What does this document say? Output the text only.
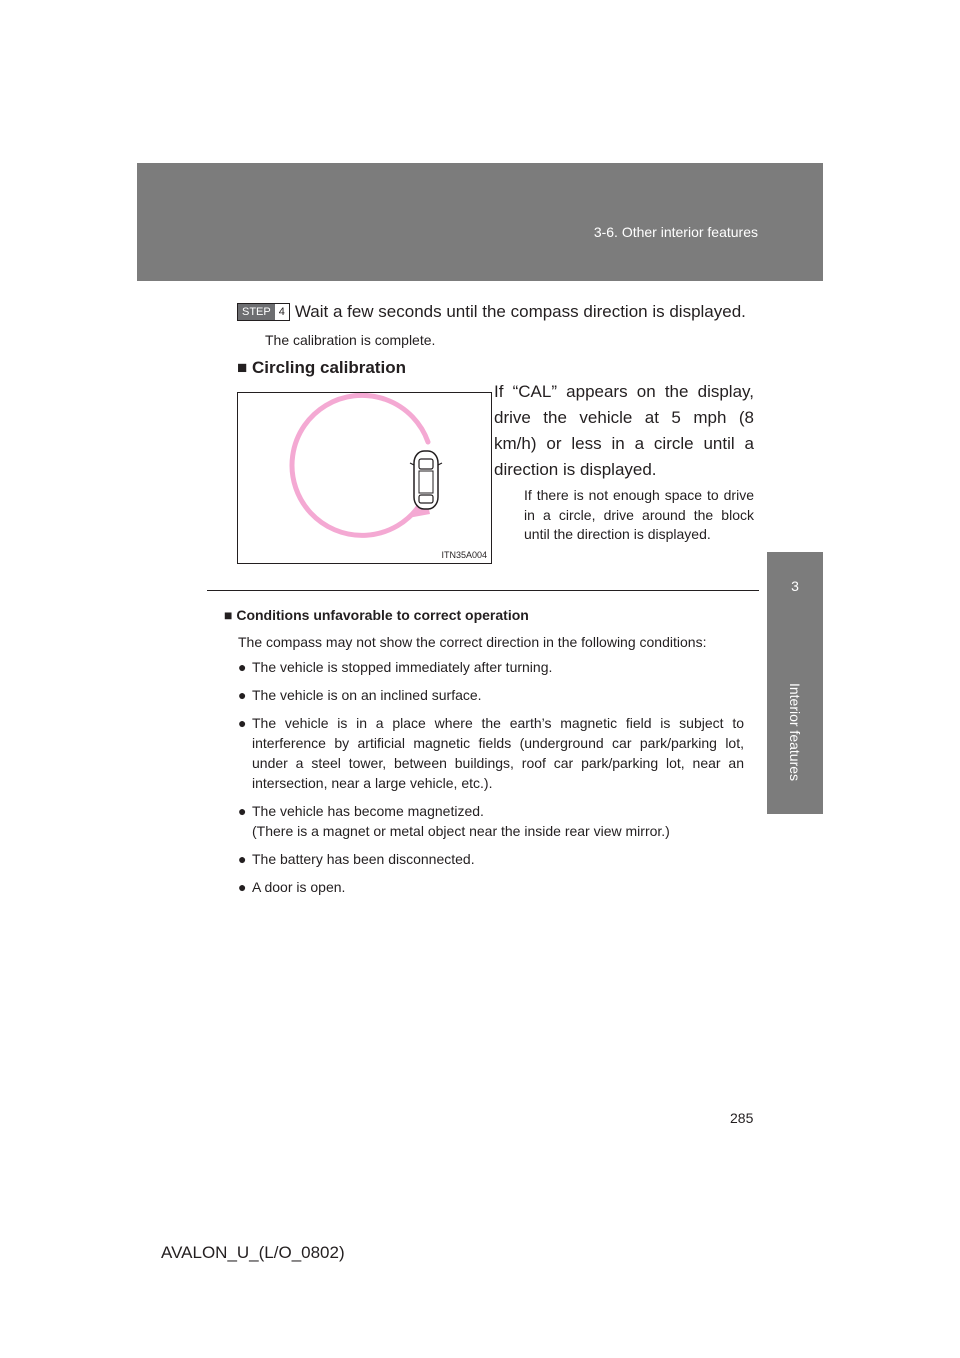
3-6. Other interior features
3
Interior features
STEP 4 Wait a few seconds until the compass direction is displayed.
The calibration is complete.
■ Circling calibration
ITN35A004
If “CAL” appears on the display, drive the vehicle at 5 mph (8 km/h) or less in a circle until a direction is displayed.
If there is not enough space to drive in a circle, drive around the block until the direction is displayed.
■ Conditions unfavorable to correct operation
The compass may not show the correct direction in the following conditions:
● The vehicle is stopped immediately after turning.
● The vehicle is on an inclined surface.
● The vehicle is in a place where the earth’s magnetic field is subject to interference by artificial magnetic fields (underground car park/parking lot, under a steel tower, between buildings, roof car park/parking lot, near an intersection, near a large vehicle, etc.).
● The vehicle has become magnetized.
(There is a magnet or metal object near the inside rear view mirror.)
● The battery has been disconnected.
● A door is open.
285
AVALON_U_(L/O_0802)
